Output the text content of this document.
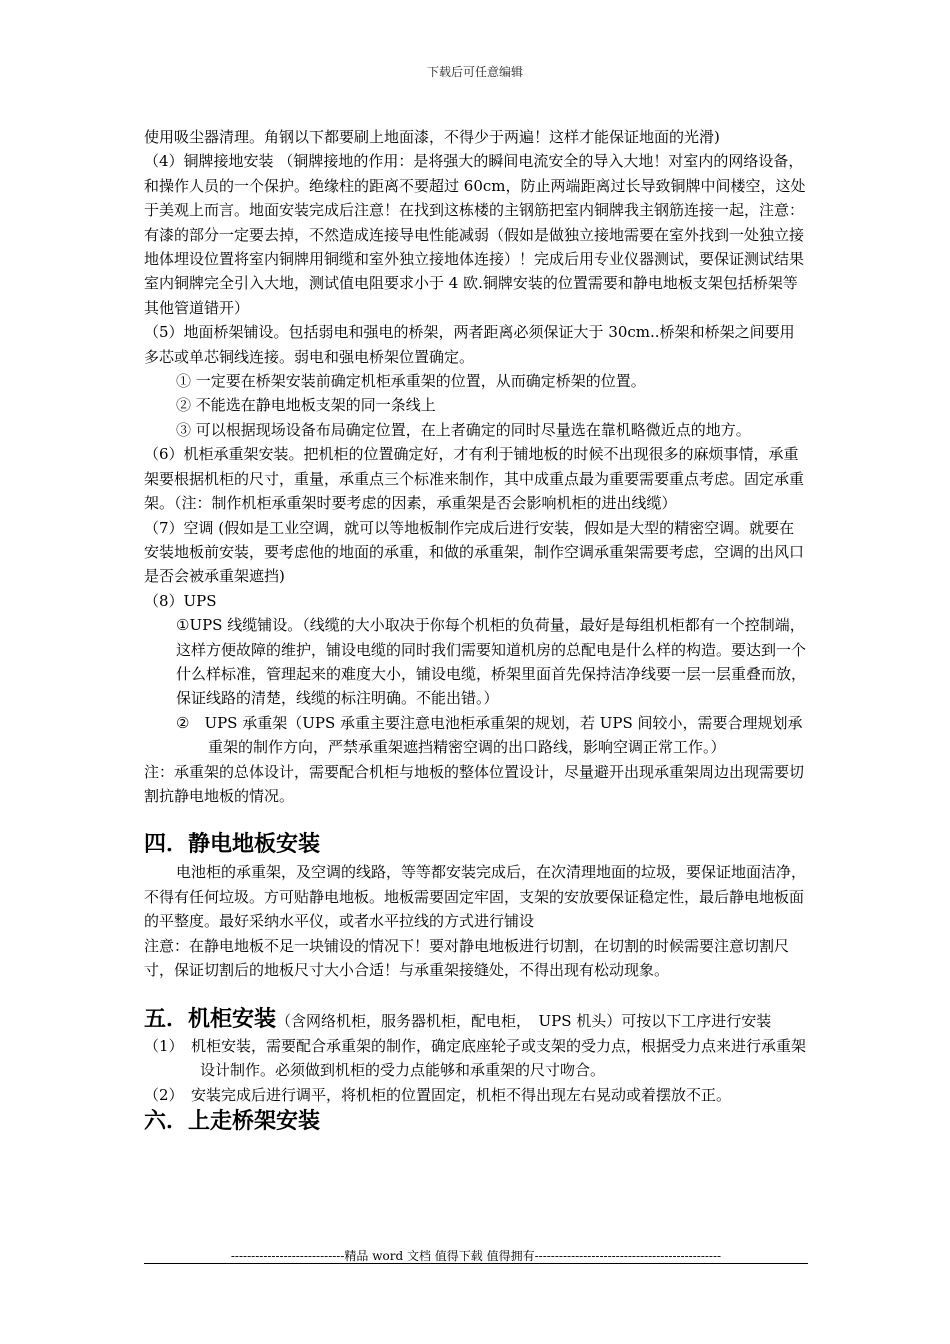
下载后可任意编辑

使用吸尘器清理。角钢以下都要刷上地面漆，不得少于两遍！这样才能保证地面的光滑)

（4）铜牌接地安装 （铜牌接地的作用：是将强大的瞬间电流安全的导入大地！对室内的网络设备，和操作人员的一个保护。绝缘柱的距离不要超过 60cm，防止两端距离过长导致铜牌中间楼空，这处于美观上而言。地面安装完成后注意！在找到这栋楼的主钢筋把室内铜牌我主钢筋连接一起，注意：有漆的部分一定要去掉，不然造成连接导电性能减弱（假如是做独立接地需要在室外找到一处独立接地体埋设位置将室内铜牌用铜缆和室外独立接地体连接）！完成后用专业仪器测试，要保证测试结果室内铜牌完全引入大地，测试值电阻要求小于 4 欧.铜牌安装的位置需要和静电地板支架包括桥架等其他管道错开）

（5）地面桥架铺设。包括弱电和强电的桥架，两者距离必须保证大于 30cm..桥架和桥架之间要用多芯或单芯铜线连接。弱电和强电桥架位置确定。

① 一定要在桥架安装前确定机柜承重架的位置，从而确定桥架的位置。

② 不能选在静电地板支架的同一条线上

③ 可以根据现场设备布局确定位置，在上者确定的同时尽量选在靠机略微近点的地方。

（6）机柜承重架安装。把机柜的位置确定好，才有利于铺地板的时候不出现很多的麻烦事情，承重架要根据机柜的尺寸，重量，承重点三个标准来制作，其中成重点最为重要需要重点考虑。固定承重架。（注：制作机柜承重架时要考虑的因素，承重架是否会影响机柜的进出线缆）

（7）空调 (假如是工业空调，就可以等地板制作完成后进行安装，假如是大型的精密空调。就要在安装地板前安装，要考虑他的地面的承重，和做的承重架，制作空调承重架需要考虑，空调的出风口是否会被承重架遮挡)

（8）UPS

①UPS 线缆铺设。（线缆的大小取决于你每个机柜的负荷量，最好是每组机柜都有一个控制端，这样方便故障的维护，铺设电缆的同时我们需要知道机房的总配电是什么样的构造。要达到一个什么样标准，管理起来的难度大小，铺设电缆，桥架里面首先保持洁净线要一层一层重叠而放，保证线路的清楚，线缆的标注明确。不能出错。）

②　UPS 承重架（UPS 承重主要注意电池柜承重架的规划，若 UPS 间较小，需要合理规划承重架的制作方向，严禁承重架遮挡精密空调的出口路线，影响空调正常工作。）

注：承重架的总体设计，需要配合机柜与地板的整体位置设计，尽量避开出现承重架周边出现需要切割抗静电地板的情况。

四．静电地板安装

电池柜的承重架，及空调的线路，等等都安装完成后，在次清理地面的垃圾，要保证地面洁净，不得有任何垃圾。方可贴静电地板。地板需要固定牢固，支架的安放要保证稳定性，最后静电地板面的平整度。最好采纳水平仪，或者水平拉线的方式进行铺设

注意：在静电地板不足一块铺设的情况下！要对静电地板进行切割，在切割的时候需要注意切割尺寸，保证切割后的地板尺寸大小合适！与承重架接缝处，不得出现有松动现象。

五．机柜安装（含网络机柜，服务器机柜，配电柜，　UPS 机头）可按以下工序进行安装

（1）　机柜安装，需要配合承重架的制作，确定底座轮子或支架的受力点，根据受力点来进行承重架设计制作。必须做到机柜的受力点能够和承重架的尺寸吻合。

（2）　安装完成后进行调平，将机柜的位置固定，机柜不得出现左右晃动或着摆放不正。

六．上走桥架安装
----------------------------精品 word 文档 值得下载 值得拥有----------------------------------------------
